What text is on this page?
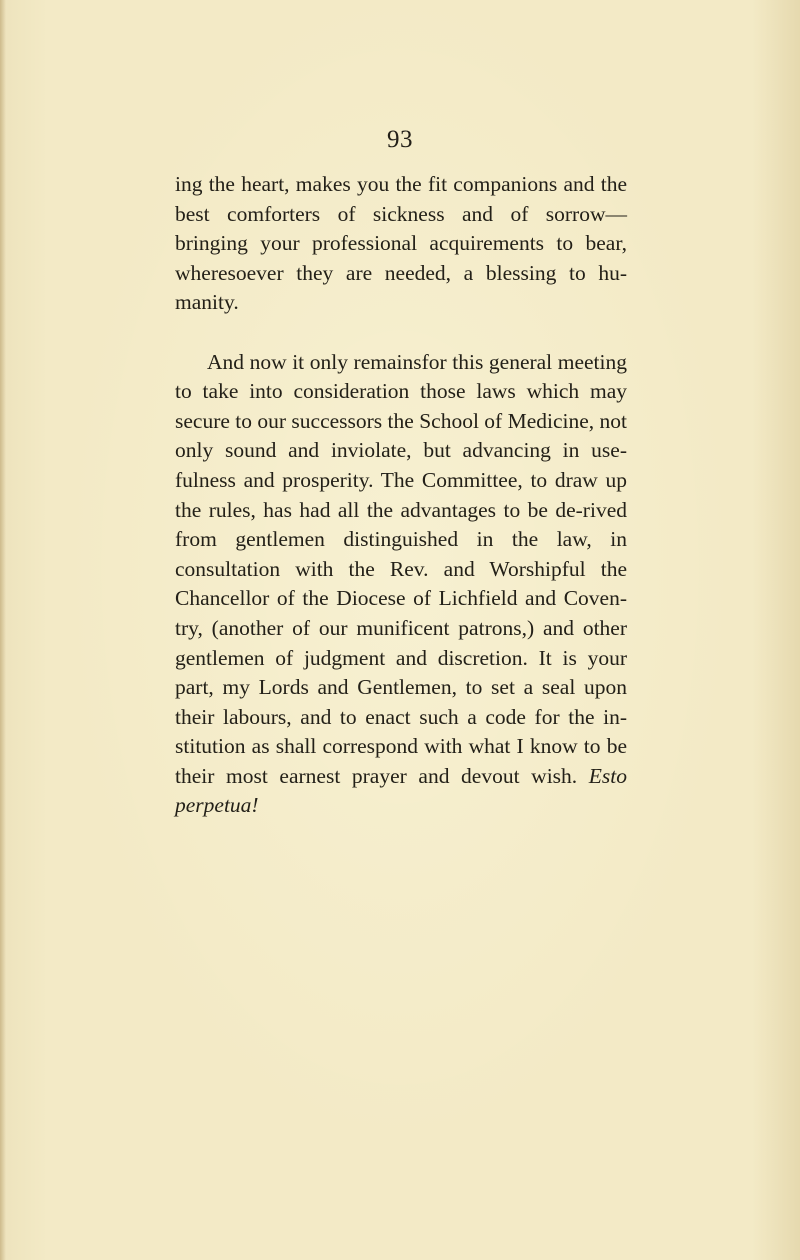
93

ing the heart, makes you the fit companions and the best comforters of sickness and of sorrow—bringing your professional acquirements to bear, wheresoever they are needed, a blessing to hu-manity.

And now it only remainsfor this general meeting to take into consideration those laws which may secure to our successors the School of Medicine, not only sound and inviolate, but advancing in use-fulness and prosperity. The Committee, to draw up the rules, has had all the advantages to be de-rived from gentlemen distinguished in the law, in consultation with the Rev. and Worshipful the Chancellor of the Diocese of Lichfield and Coven-try, (another of our munificent patrons,) and other gentlemen of judgment and discretion. It is your part, my Lords and Gentlemen, to set a seal upon their labours, and to enact such a code for the in-stitution as shall correspond with what I know to be their most earnest prayer and devout wish. Esto perpetua!
